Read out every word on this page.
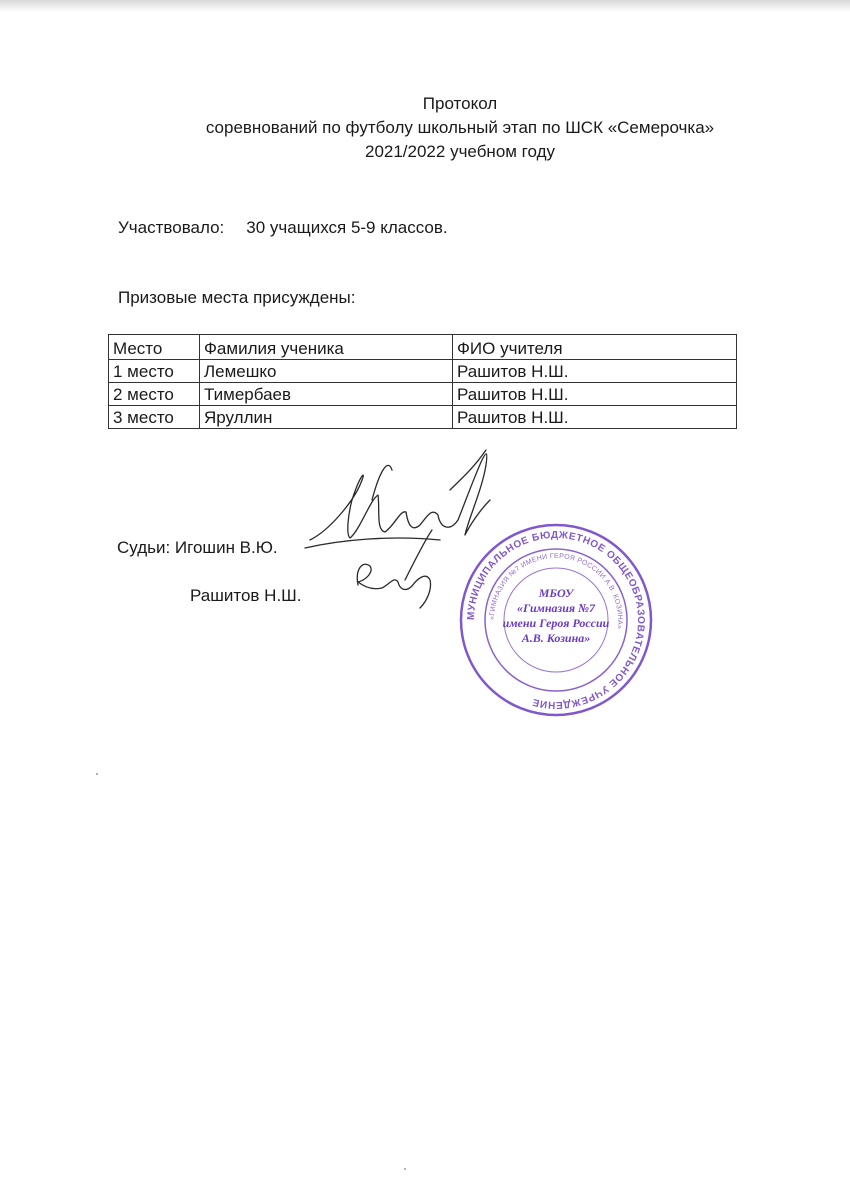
Протокол
соревнований по футболу школьный этап по ШСК «Семерочка»
2021/2022 учебном году
Участвовало: 30 учащихся 5-9 классов.
Призовые места присуждены:
Место	Фамилия ученика	ФИО учителя
1 место	Лемешко	Рашитов Н.Ш.
2 место	Тимербаев	Рашитов Н.Ш.
3 место	Яруллин	Рашитов Н.Ш.
Судьи: Игошин В.Ю.
Рашитов Н.Ш.
МУНИЦИПАЛЬНОЕ БЮДЖЕТНОЕ ОБЩЕОБРАЗОВАТЕЛЬНОЕ УЧРЕЖДЕНИЕ
«ГИМНАЗИЯ №7 ИМЕНИ ГЕРОЯ РОССИИ А.В. КОЗИНА»
МБОУ
«Гимназия №7
имени Героя России
А.В. Козина»
